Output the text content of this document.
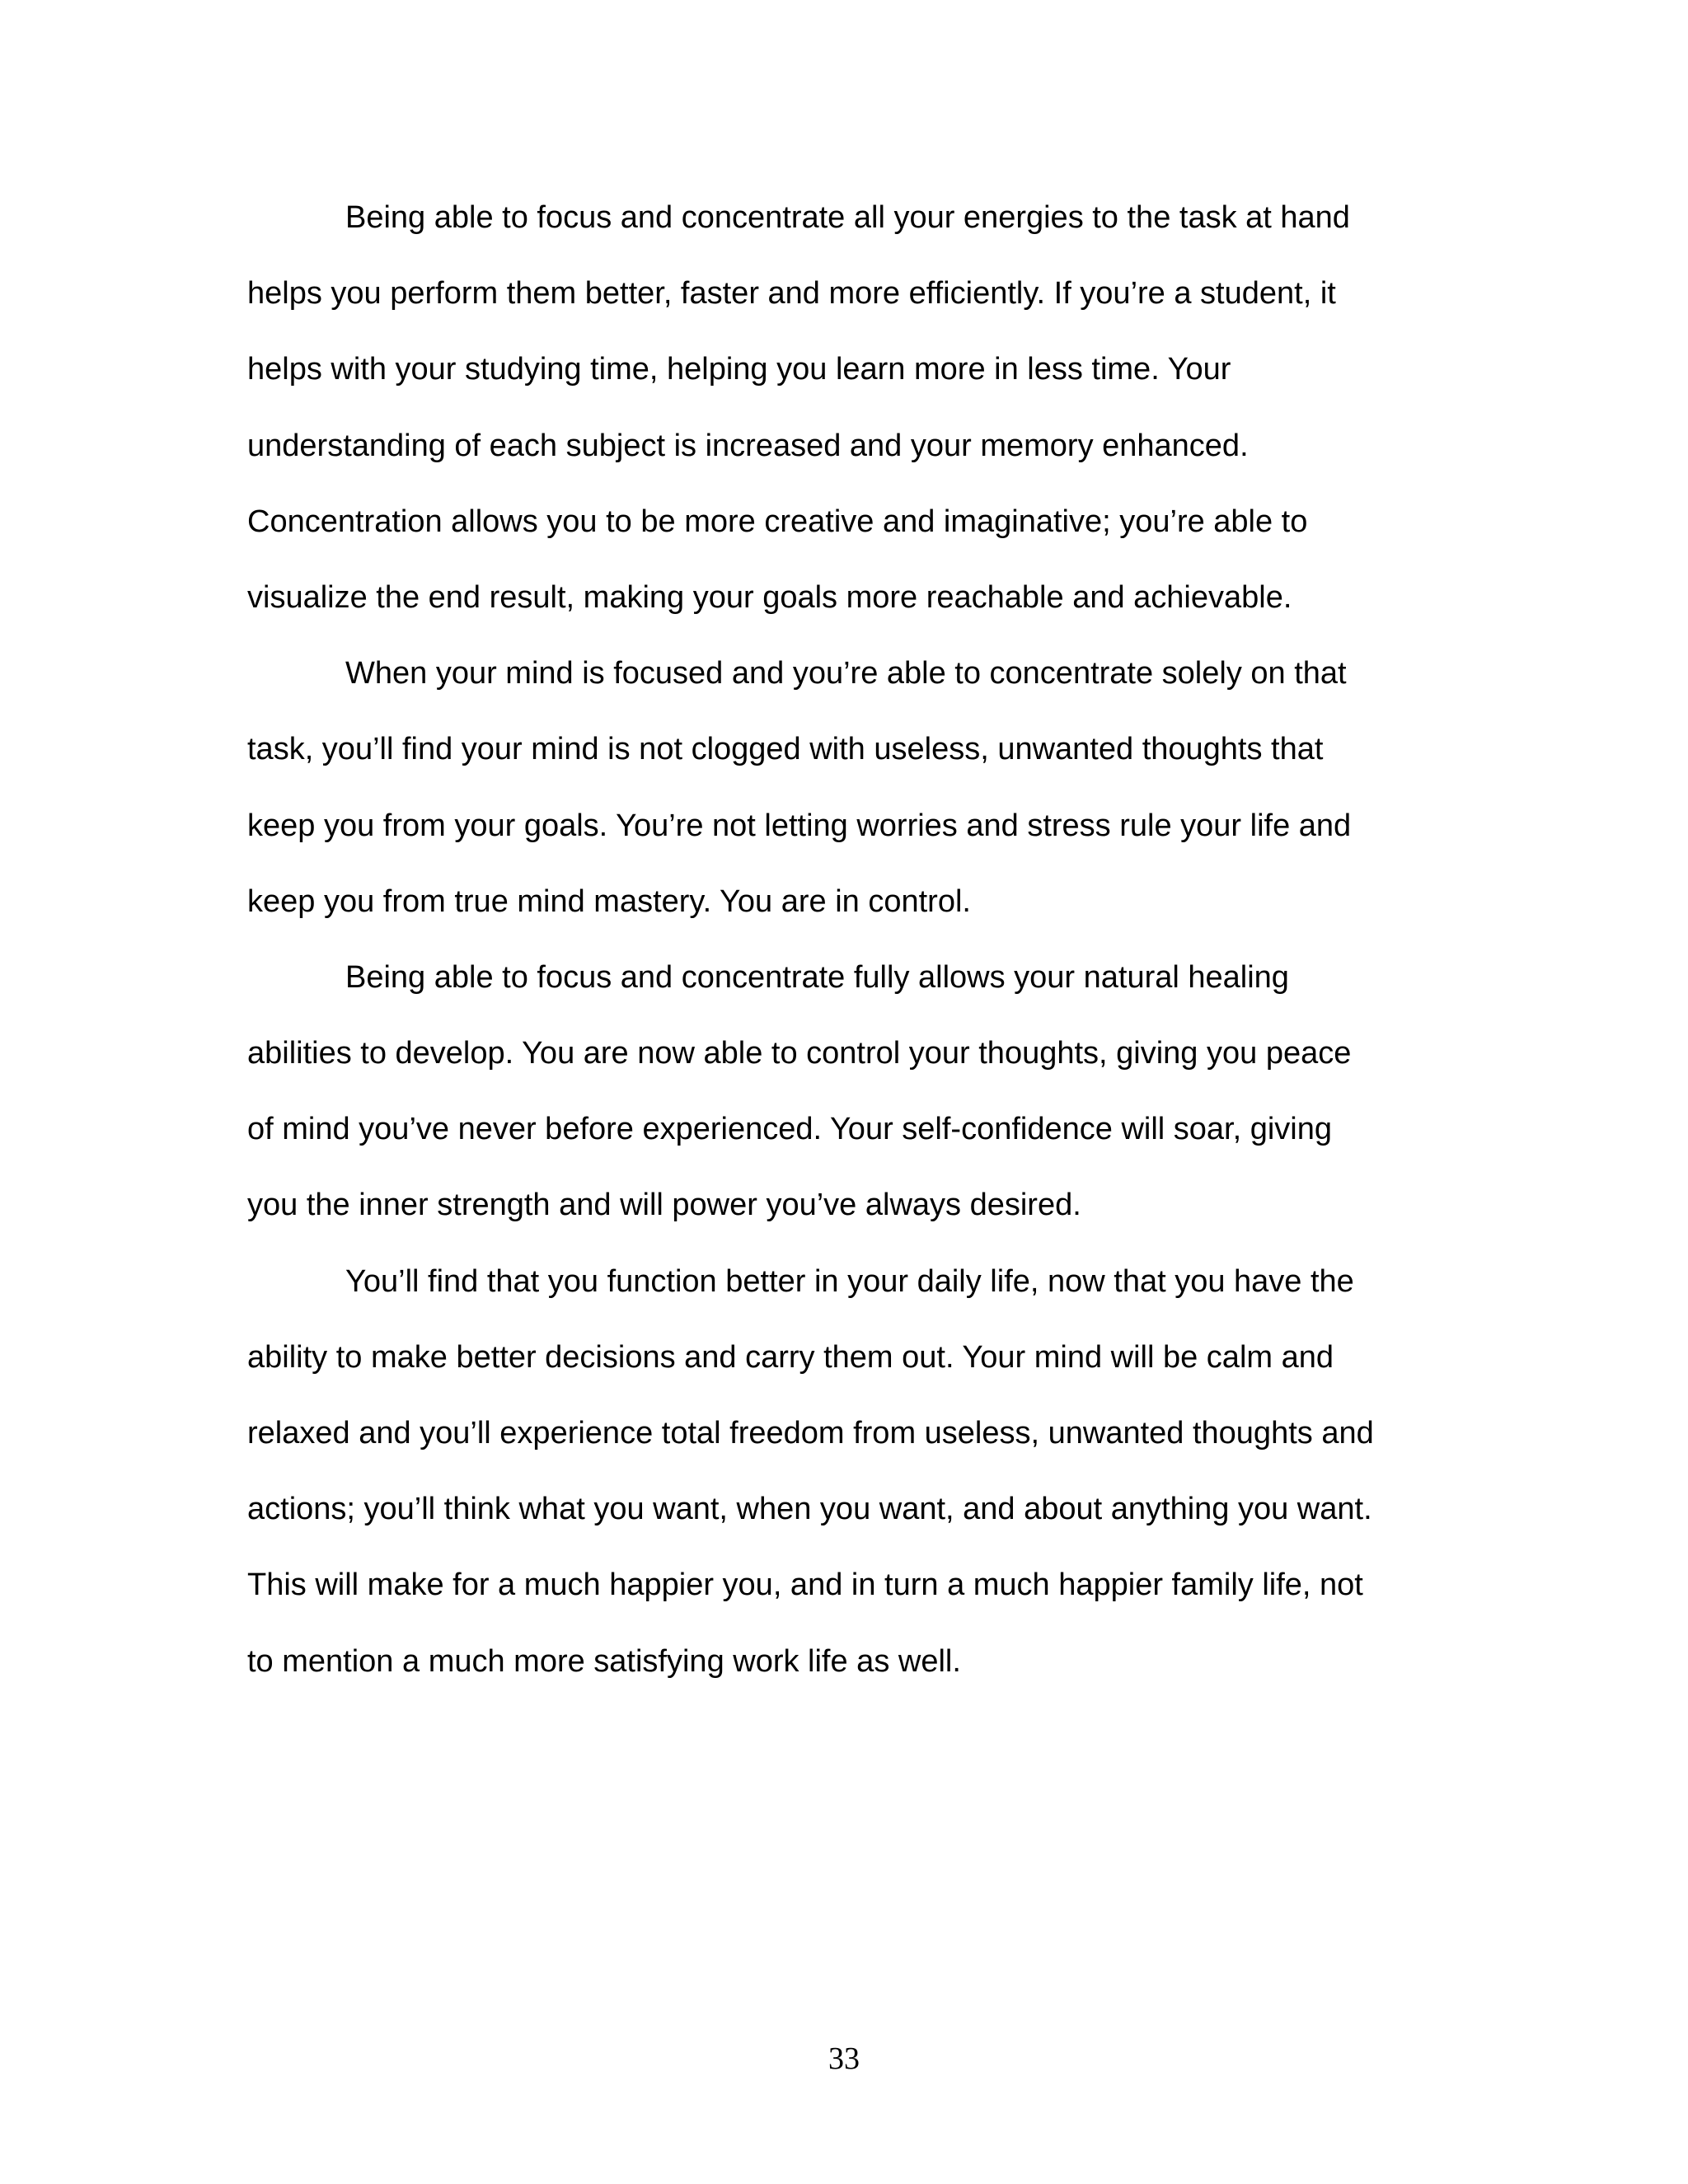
Being able to focus and concentrate all your energies to the task at hand
helps you perform them better, faster and more efficiently. If you’re a student, it
helps with your studying time, helping you learn more in less time. Your
understanding of each subject is increased and your memory enhanced.
Concentration allows you to be more creative and imaginative; you’re able to
visualize the end result, making your goals more reachable and achievable.
When your mind is focused and you’re able to concentrate solely on that
task, you’ll find your mind is not clogged with useless, unwanted thoughts that
keep you from your goals. You’re not letting worries and stress rule your life and
keep you from true mind mastery. You are in control.
Being able to focus and concentrate fully allows your natural healing
abilities to develop. You are now able to control your thoughts, giving you peace
of mind you’ve never before experienced. Your self-confidence will soar, giving
you the inner strength and will power you’ve always desired.
You’ll find that you function better in your daily life, now that you have the
ability to make better decisions and carry them out. Your mind will be calm and
relaxed and you’ll experience total freedom from useless, unwanted thoughts and
actions; you’ll think what you want, when you want, and about anything you want.
This will make for a much happier you, and in turn a much happier family life, not
to mention a much more satisfying work life as well.
33
